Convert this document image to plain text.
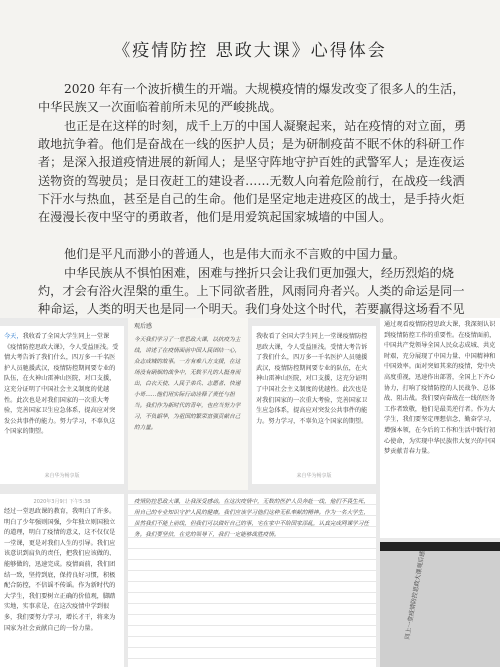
《疫情防控 思政大课》心得体会
2020 年有一个波折横生的开端。大规模疫情的爆发改变了很多人的生活，中华民族又一次面临着前所未见的严峻挑战。
也正是在这样的时刻，成千上万的中国人凝聚起来，站在疫情的对立面，勇敢地抗争着。他们是奋战在一线的医护人员；是为研制疫苗不眠不休的科研工作者；是深入报道疫情进展的新闻人；是坚守阵地守护百姓的武警军人；是连夜运送物资的驾驶员；是日夜赶工的建设者……无数人向着危险前行，在战疫一线洒下汗水与热血，甚至是自己的生命。他们是坚定地走进疫区的战士，是手持火炬在漫漫长夜中坚守的勇敢者，他们是用爱筑起国家城墙的中国人。
他们是平凡而渺小的普通人，也是伟大而永不言败的中国力量。
中华民族从不惧怕困难，困难与挫折只会让我们更加强大，经历烈焰的烧灼，才会有浴火涅槃的重生。上下同欲者胜，风雨同舟者兴。人类的命运是同一种命运，人类的明天也是同一个明天。我们身处这个时代，若要赢得这场看不见
今天，我收看了全国大学生同上一堂课《疫情防控思政大课》，令人受益匪浅。受情大考告诉了我们什么，四万多一千名医护人员驰援武汉，疫情防控期间要专业的队伍，在火神山雷神山医院，对口支援，这充分证明了中国社会主义制度的优越性。此次也是对我们国家的一次重大考验，完善国家卫生应急体系，提高应对突发公共事件的能力。努力学习，不辜负这个国家的期望。
来自华为畅享版
观后感
今天我们学习了一堂思政大课，以抗疫为主线，讲述了在疫情面前中国人民团结一心，众志成城的故事。一方有难八方支援，在这场没有硝烟的战争中，无数平凡的人挺身而出，白衣天使、人民子弟兵、志愿者、快递小哥……他们用实际行动诠释了责任与担当。我们作为新时代的青年，也应当努力学习，不负韶华，为祖国的繁荣富强贡献自己的力量。
我收看了全国大学生同上一堂课疫情防控思政大课，令人受益匪浅。受情大考告诉了我们什么，四万多一千名医护人员驰援武汉，疫情防控期间要专业的队伍，在火神山雷神山医院，对口支援，这充分证明了中国社会主义制度的优越性。此次也是对我们国家的一次重大考验，完善国家卫生应急体系，提高应对突发公共事件的能力。努力学习，不辜负这个国家的期望。
来自华为畅享版
通过观看疫情防控思政大课，我深刻认识到疫情防控工作的重要性。在疫情面前，中国共产党领导全国人民众志成城、共克时艰，充分展现了中国力量、中国精神和中国效率。面对突如其来的疫情，党中央高度重视，迅速作出部署，全国上下齐心协力，打响了疫情防控的人民战争、总体战、阻击战。我们要向奋战在一线的医务工作者致敬，他们是最美逆行者。作为大学生，我们要坚定理想信念，勤奋学习，增强本领，在今后的工作和生活中践行初心使命，为实现中华民族伟大复兴的中国梦贡献青春力量。
2020年3月9日 下午5:38
经过一堂思政课的教育，我明白了许多。明白了少年强则国强，少年独立则国独立的道理，明白了疫情的意义，这不仅仅是一堂课，更是对我们人生的引导。我们应该意识到肩负的责任，把我们应该做的、能够做的，迅速完成。疫情面前，我们团结一致，坚持到底，保持良好习惯，积极配合防控，不信谣不传谣。作为新时代的大学生，我们要树立正确的价值观，脚踏实地，实事求是，在这次疫情中学到很多，我们要努力学习，增长才干，将来为国家为社会贡献自己的一份力量。
疫情防控思政大课，让我深受感动。在这次疫情中，无数的医护人员奔赴一线，他们不畏生死，用自己的专业知识守护人民的健康。我们应该学习他们这种无私奉献的精神。作为一名大学生，虽然我们不能上前线，但我们可以做好自己的事，宅在家中不给国家添乱，认真完成网课学习任务。我们要坚信，在党的领导下，我们一定能够战胜疫情。
同上一堂疫情防控思政大课观后感
